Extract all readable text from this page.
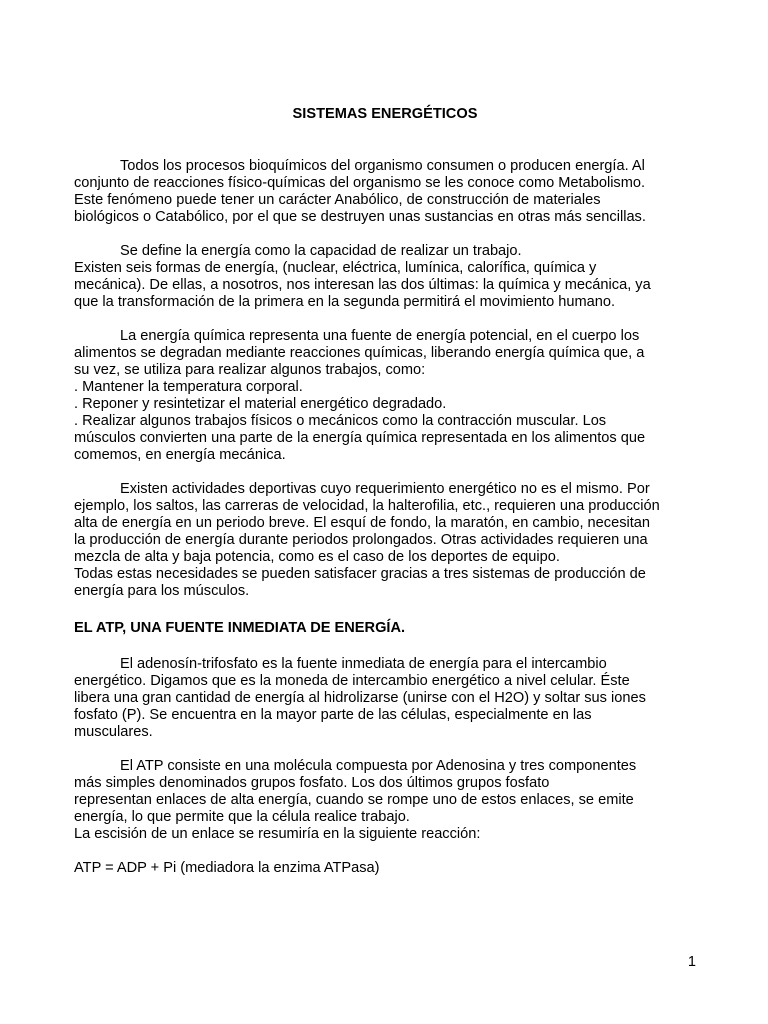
SISTEMAS ENERGÉTICOS
Todos los procesos bioquímicos del organismo consumen o producen energía. Al
conjunto de reacciones físico-químicas del organismo se les conoce como Metabolismo.
Este fenómeno puede tener un carácter Anabólico, de construcción de materiales
biológicos o Catabólico, por el que se destruyen unas sustancias en otras más sencillas.
Se define la energía como la capacidad de realizar un trabajo.
Existen seis formas de energía, (nuclear, eléctrica, lumínica, calorífica, química y
mecánica). De ellas, a nosotros, nos interesan las dos últimas: la química y mecánica, ya
que la transformación de la primera en la segunda permitirá el movimiento humano.
La energía química representa una fuente de energía potencial, en el cuerpo los
alimentos se degradan mediante reacciones químicas, liberando energía química que, a
su vez, se utiliza para realizar algunos trabajos, como:
. Mantener la temperatura corporal.
. Reponer y resintetizar el material energético degradado.
. Realizar algunos trabajos físicos o mecánicos como la contracción muscular. Los
músculos convierten una parte de la energía química representada en los alimentos que
comemos, en energía mecánica.
Existen actividades deportivas cuyo requerimiento energético no es el mismo. Por
ejemplo, los saltos, las carreras de velocidad, la halterofilia, etc., requieren una producción
alta de energía en un periodo breve. El esquí de fondo, la maratón, en cambio, necesitan
la producción de energía durante periodos prolongados. Otras actividades requieren una
mezcla de alta y baja potencia, como es el caso de los deportes de equipo.
Todas estas necesidades se pueden satisfacer gracias a tres sistemas de producción de
energía para los músculos.
EL ATP, UNA FUENTE INMEDIATA DE ENERGÍA.
El adenosín-trifosfato es la fuente inmediata de energía para el intercambio
energético. Digamos que es la moneda de intercambio energético a nivel celular. Éste
libera una gran cantidad de energía al hidrolizarse (unirse con el H2O) y soltar sus iones
fosfato (P). Se encuentra en la mayor parte de las células, especialmente en las
musculares.
El ATP consiste en una molécula compuesta por Adenosina y tres componentes
más simples denominados grupos fosfato. Los dos últimos grupos fosfato
representan enlaces de alta energía, cuando se rompe uno de estos enlaces, se emite
energía, lo que permite que la célula realice trabajo.
La escisión de un enlace se resumiría en la siguiente reacción:
ATP = ADP + Pi (mediadora la enzima ATPasa)
1
